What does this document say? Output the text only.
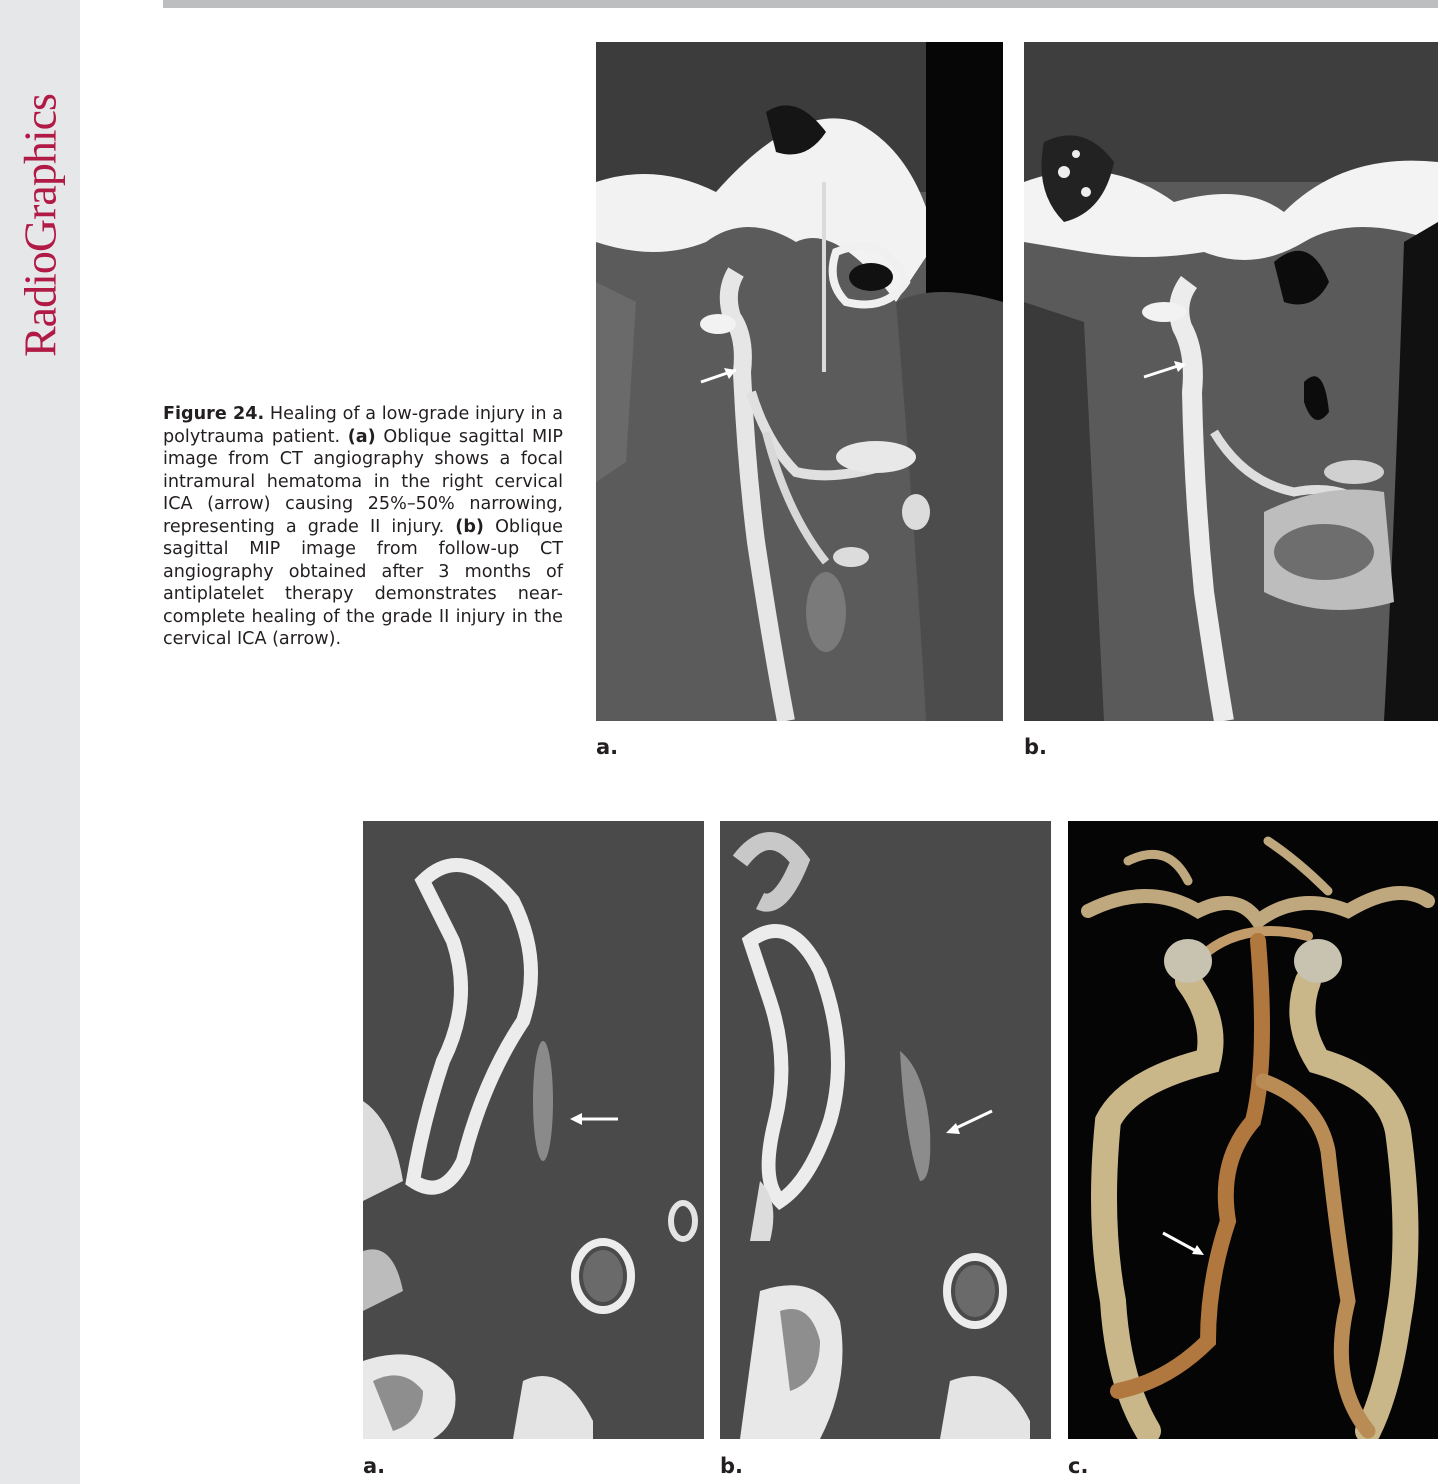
RadioGraphics
Figure 24. Healing of a low-grade injury in a polytrauma patient. (a) Oblique sagittal MIP image from CT angiography shows a focal intramural hematoma in the right cervical ICA (arrow) causing 25%–50% narrowing, representing a grade II injury. (b) Oblique sagittal MIP image from follow-up CT angiography obtained after 3 months of antiplatelet therapy demonstrates near-complete healing of the grade II injury in the cervical ICA (arrow).
a.	b.
a.	b.	c.
